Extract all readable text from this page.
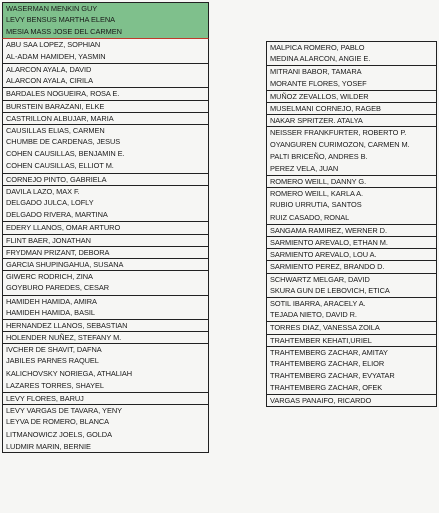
WASERMAN MENKIN GUY
LEVY BENSUS MARTHA ELENA
MESIA MASS JOSE DEL CARMEN
ABU SAA LOPEZ, SOPHIAN
AL-ADAM HAMIDEH, YASMIN
ALARCON AYALA, DAVID
ALARCON AYALA, CIRILA
BARDALES NOGUEIRA, ROSA E.
BURSTEIN BARAZANI, ELKE
CASTRILLON ALBUJAR, MARIA
CAUSILLAS ELIAS, CARMEN
CHUMBE DE CARDENAS, JESUS
COHEN CAUSILLAS, BENJAMIN E.
COHEN CAUSILLAS, ELLIOT M.
CORNEJO PINTO, GABRIELA
DAVILA LAZO, MAX F.
DELGADO JULCA, LOFLY
DELGADO RIVERA, MARTINA
EDERY LLANOS, OMAR ARTURO
FLINT BAER, JONATHAN
FRYDMAN PRIZANT, DEBORA
GARCIA SHUPINGAHUA, SUSANA
GIWERC RODRICH, ZINA
GOYBURO PAREDES, CESAR
HAMIDEH HAMIDA, AMIRA
HAMIDEH HAMIDA, BASIL
HERNANDEZ LLANOS, SEBASTIAN
HOLENDER NUÑEZ, STEFANY M.
IVCHER DE SHAVIT, DAFNA
JABILES PARNES RAQUEL
KALICHOVSKY NORIEGA, ATHALIAH
LAZARES TORRES, SHAYEL
LEVY FLORES, BARUJ
LEVY VARGAS DE TAVARA, YENY
LEYVA DE ROMERO, BLANCA
LITMANOWICZ JOELS, GOLDA
LUDMIR MARIN, BERNIE
MALPICA ROMERO, PABLO
MEDINA ALARCON, ANGIE E.
MITRANI BABOR, TAMARA
MORANTE FLORES, YOSEF
MUÑOZ ZEVALLOS, WILDER
MUSELMANI CORNEJO, RAGEB
NAKAR SPRITZER. ATALYA
NEISSER FRANKFURTER, ROBERTO P.
OYANGUREN CURIMOZON, CARMEN M.
PALTI BRICEÑO, ANDRES B.
PEREZ VELA, JUAN
ROMERO WEILL, DANNY G.
ROMERO WEILL, KARLA A.
RUBIO URRUTIA, SANTOS
RUIZ CASADO, RONAL
SANGAMA RAMIREZ, WERNER D.
SARMIENTO AREVALO, ETHAN M.
SARMIENTO AREVALO, LOU A.
SARMIENTO PEREZ, BRANDO D.
SCHWARTZ MELGAR, DAVID
SKURA GUN DE LEBOVICH, ETICA
SOTIL IBARRA, ARACELY A.
TEJADA NIETO, DAVID R.
TORRES DIAZ, VANESSA ZOILA
TRAHTEMBER KEHATI,URIEL
TRAHTEMBERG ZACHAR, AMITAY
TRAHTEMBERG ZACHAR, ELIOR
TRAHTEMBERG ZACHAR, EVYATAR
TRAHTEMBERG ZACHAR, OFEK
VARGAS PANAIFO, RICARDO
